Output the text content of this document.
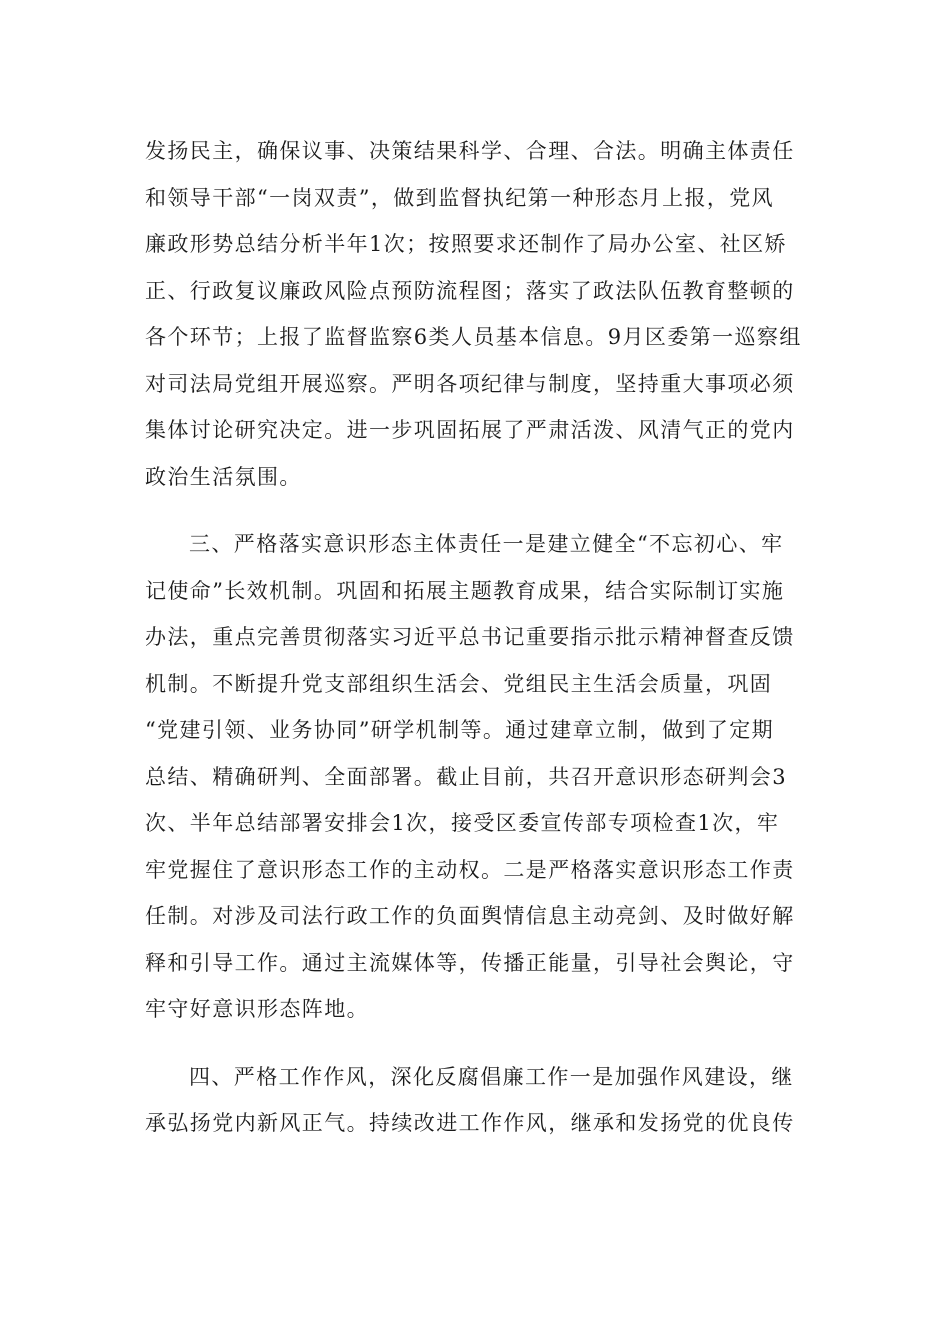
发扬民主，确保议事、决策结果科学、合理、合法。明确主体责任
和领导干部“一岗双责”，做到监督执纪第一种形态月上报，党风
廉政形势总结分析半年1次；按照要求还制作了局办公室、社区矫
正、行政复议廉政风险点预防流程图；落实了政法队伍教育整顿的
各个环节；上报了监督监察6类人员基本信息。9月区委第一巡察组
对司法局党组开展巡察。严明各项纪律与制度，坚持重大事项必须
集体讨论研究决定。进一步巩固拓展了严肃活泼、风清气正的党内
政治生活氛围。
三、严格落实意识形态主体责任一是建立健全“不忘初心、牢
记使命”长效机制。巩固和拓展主题教育成果，结合实际制订实施
办法，重点完善贯彻落实习近平总书记重要指示批示精神督查反馈
机制。不断提升党支部组织生活会、党组民主生活会质量，巩固
“党建引领、业务协同”研学机制等。通过建章立制，做到了定期
总结、精确研判、全面部署。截止目前，共召开意识形态研判会3
次、半年总结部署安排会1次，接受区委宣传部专项检查1次，牢
牢党握住了意识形态工作的主动权。二是严格落实意识形态工作责
任制。对涉及司法行政工作的负面舆情信息主动亮剑、及时做好解
释和引导工作。通过主流媒体等，传播正能量，引导社会舆论，守
牢守好意识形态阵地。
四、严格工作作风，深化反腐倡廉工作一是加强作风建设，继
承弘扬党内新风正气。持续改进工作作风，继承和发扬党的优良传
